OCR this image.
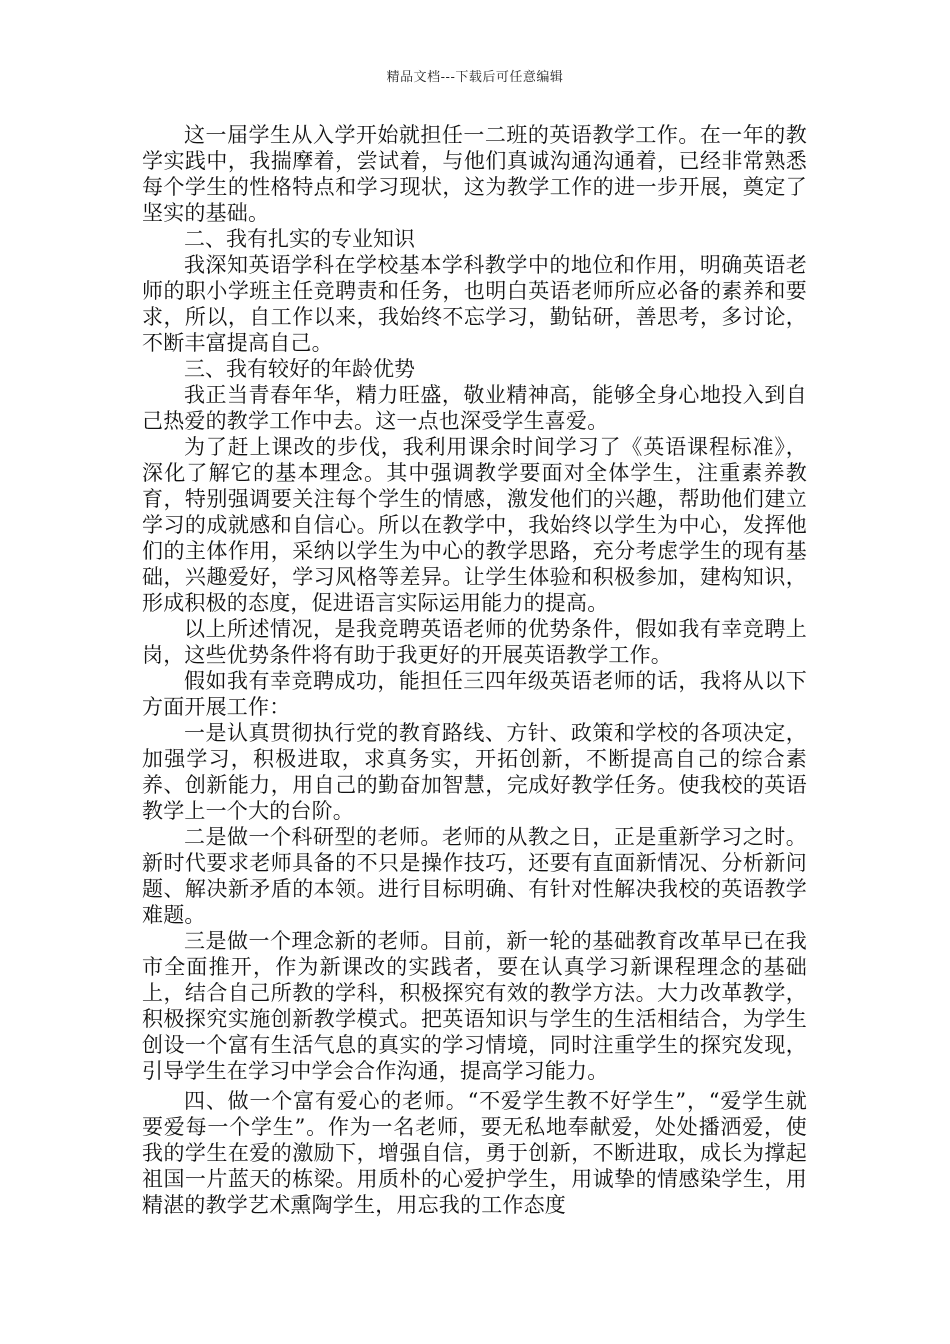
精品文档---下载后可任意编辑

这一届学生从入学开始就担任一二班的英语教学工作。在一年的教学实践中，我揣摩着，尝试着，与他们真诚沟通沟通着，已经非常熟悉每个学生的性格特点和学习现状，这为教学工作的进一步开展，奠定了坚实的基础。

二、我有扎实的专业知识

我深知英语学科在学校基本学科教学中的地位和作用，明确英语老师的职小学班主任竞聘责和任务，也明白英语老师所应必备的素养和要求，所以，自工作以来，我始终不忘学习，勤钻研，善思考，多讨论，不断丰富提高自己。

三、我有较好的年龄优势

我正当青春年华，精力旺盛，敬业精神高，能够全身心地投入到自己热爱的教学工作中去。这一点也深受学生喜爱。

为了赶上课改的步伐，我利用课余时间学习了《英语课程标准》，深化了解它的基本理念。其中强调教学要面对全体学生，注重素养教育，特别强调要关注每个学生的情感，激发他们的兴趣，帮助他们建立学习的成就感和自信心。所以在教学中，我始终以学生为中心，发挥他们的主体作用，采纳以学生为中心的教学思路，充分考虑学生的现有基础，兴趣爱好，学习风格等差异。让学生体验和积极参加，建构知识，形成积极的态度，促进语言实际运用能力的提高。

以上所述情况，是我竞聘英语老师的优势条件，假如我有幸竞聘上岗，这些优势条件将有助于我更好的开展英语教学工作。

假如我有幸竞聘成功，能担任三四年级英语老师的话，我将从以下方面开展工作：

一是认真贯彻执行党的教育路线、方针、政策和学校的各项决定，加强学习，积极进取，求真务实，开拓创新，不断提高自己的综合素养、创新能力，用自己的勤奋加智慧，完成好教学任务。使我校的英语教学上一个大的台阶。

二是做一个科研型的老师。老师的从教之日，正是重新学习之时。新时代要求老师具备的不只是操作技巧，还要有直面新情况、分析新问题、解决新矛盾的本领。进行目标明确、有针对性解决我校的英语教学难题。

三是做一个理念新的老师。目前，新一轮的基础教育改革早已在我市全面推开，作为新课改的实践者，要在认真学习新课程理念的基础上，结合自己所教的学科，积极探究有效的教学方法。大力改革教学，积极探究实施创新教学模式。把英语知识与学生的生活相结合，为学生创设一个富有生活气息的真实的学习情境，同时注重学生的探究发现，引导学生在学习中学会合作沟通，提高学习能力。

四、做一个富有爱心的老师。“不爱学生教不好学生”，“爱学生就要爱每一个学生”。作为一名老师，要无私地奉献爱，处处播洒爱，使我的学生在爱的激励下，增强自信，勇于创新，不断进取，成长为撑起祖国一片蓝天的栋梁。用质朴的心爱护学生，用诚挚的情感染学生，用精湛的教学艺术熏陶学生，用忘我的工作态度
